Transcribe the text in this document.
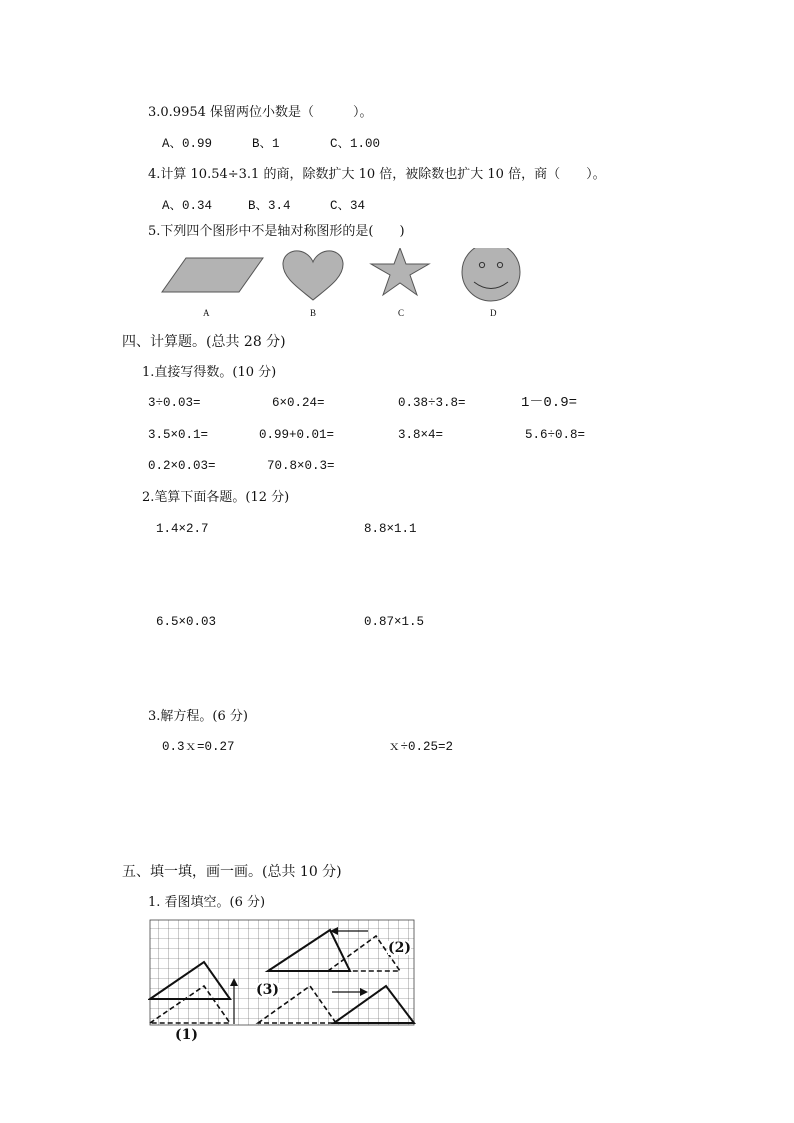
3.0.9954 保留两位小数是（　　　）。
A、0.99	B、1	C、1.00
4.计算 10.54÷3.1 的商，除数扩大 10 倍，被除数也扩大 10 倍，商（　　）。
A、0.34	B、3.4	C、34
5.下列四个图形中不是轴对称图形的是(　　)
A	B	C	D
四、计算题。(总共 28 分)
1.直接写得数。(10 分)
3÷0.03=	6×0.24=	0.38÷3.8=	1－0.9=
3.5×0.1=	0.99+0.01=	3.8×4=	5.6÷0.8=
0.2×0.03=	70.8×0.3=
2.笔算下面各题。(12 分)
1.4×2.7	8.8×1.1
6.5×0.03	0.87×1.5
3.解方程。(6 分)
0.3ｘ=0.27	ｘ÷0.25=2
五、填一填，画一画。(总共 10 分)
1. 看图填空。(6 分)
(1)
(2)
(3)
